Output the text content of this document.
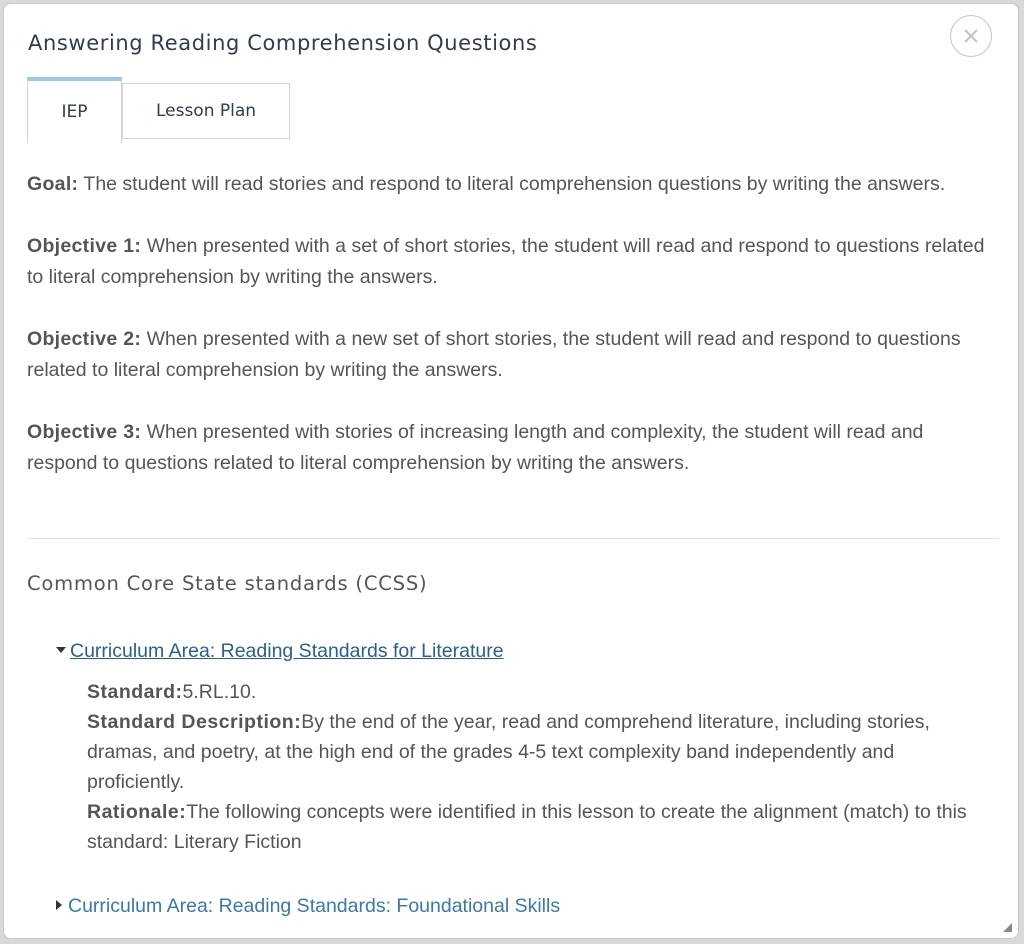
Answering Reading Comprehension Questions
IEP	Lesson Plan

Goal: The student will read stories and respond to literal comprehension questions by writing the answers.

Objective 1: When presented with a set of short stories, the student will read and respond to questions related to literal comprehension by writing the answers.

Objective 2: When presented with a new set of short stories, the student will read and respond to questions related to literal comprehension by writing the answers.

Objective 3: When presented with stories of increasing length and complexity, the student will read and respond to questions related to literal comprehension by writing the answers.

Common Core State standards (CCSS)
Curriculum Area: Reading Standards for Literature
Standard:5.RL.10.
Standard Description:By the end of the year, read and comprehend literature, including stories, dramas, and poetry, at the high end of the grades 4-5 text complexity band independently and proficiently.
Rationale:The following concepts were identified in this lesson to create the alignment (match) to this standard: Literary Fiction
Curriculum Area: Reading Standards: Foundational Skills
